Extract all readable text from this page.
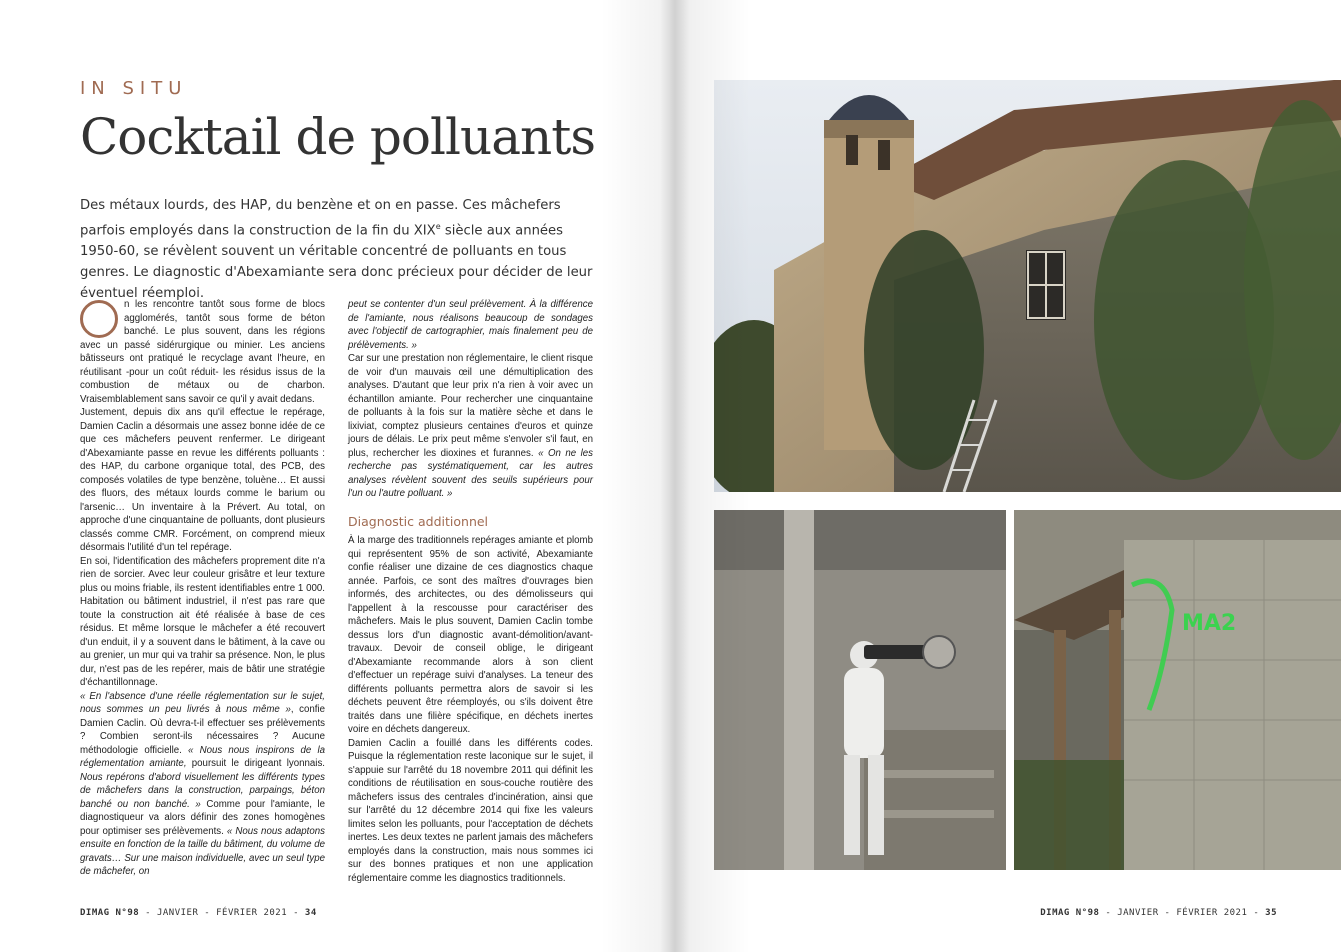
IN SITU
Cocktail de polluants
Des métaux lourds, des HAP, du benzène et on en passe. Ces mâchefers parfois employés dans la construction de la fin du XIXe siècle aux années 1950-60, se révèlent souvent un véritable concentré de polluants en tous genres. Le diagnostic d'Abexamiante sera donc précieux pour décider de leur éventuel réemploi.

n les rencontre tantôt sous forme de blocs agglomérés, tantôt sous forme de béton banché. Le plus souvent, dans les régions avec un passé sidérurgique ou minier. Les anciens bâtisseurs ont pratiqué le recyclage avant l'heure, en réutilisant -pour un coût réduit- les résidus issus de la combustion de métaux ou de charbon. Vraisemblablement sans savoir ce qu'il y avait dedans.

Justement, depuis dix ans qu'il effectue le repérage, Damien Caclin a désormais une assez bonne idée de ce que ces mâchefers peuvent renfermer. Le dirigeant d'Abexamiante passe en revue les différents polluants : des HAP, du carbone organique total, des PCB, des composés volatiles de type benzène, toluène… Et aussi des fluors, des métaux lourds comme le barium ou l'arsenic… Un inventaire à la Prévert. Au total, on approche d'une cinquantaine de polluants, dont plusieurs classés comme CMR. Forcément, on comprend mieux désormais l'utilité d'un tel repérage.

En soi, l'identification des mâchefers proprement dite n'a rien de sorcier. Avec leur couleur grisâtre et leur texture plus ou moins friable, ils restent identifiables entre 1 000. Habitation ou bâtiment industriel, il n'est pas rare que toute la construction ait été réalisée à base de ces résidus. Et même lorsque le mâchefer a été recouvert d'un enduit, il y a souvent dans le bâtiment, à la cave ou au grenier, un mur qui va trahir sa présence. Non, le plus dur, n'est pas de les repérer, mais de bâtir une stratégie d'échantillonnage.

« En l'absence d'une réelle réglementation sur le sujet, nous sommes un peu livrés à nous même », confie Damien Caclin. Où devra-t-il effectuer ses prélèvements ? Combien seront-ils nécessaires ? Aucune méthodologie officielle. « Nous nous inspirons de la réglementation amiante, poursuit le dirigeant lyonnais. Nous repérons d'abord visuellement les différents types de mâchefers dans la construction, parpaings, béton banché ou non banché. » Comme pour l'amiante, le diagnostiqueur va alors définir des zones homogènes pour optimiser ses prélèvements. « Nous nous adaptons ensuite en fonction de la taille du bâtiment, du volume de gravats… Sur une maison individuelle, avec un seul type de mâchefer, on

peut se contenter d'un seul prélèvement. À la différence de l'amiante, nous réalisons beaucoup de sondages avec l'objectif de cartographier, mais finalement peu de prélèvements. »

Car sur une prestation non réglementaire, le client risque de voir d'un mauvais œil une démultiplication des analyses. D'autant que leur prix n'a rien à voir avec un échantillon amiante. Pour rechercher une cinquantaine de polluants à la fois sur la matière sèche et dans le lixiviat, comptez plusieurs centaines d'euros et quinze jours de délais. Le prix peut même s'envoler s'il faut, en plus, rechercher les dioxines et furannes. « On ne les recherche pas systématiquement, car les autres analyses révèlent souvent des seuils supérieurs pour l'un ou l'autre polluant. »

Diagnostic additionnel

À la marge des traditionnels repérages amiante et plomb qui représentent 95% de son activité, Abexamiante confie réaliser une dizaine de ces diagnostics chaque année. Parfois, ce sont des maîtres d'ouvrages bien informés, des architectes, ou des démolisseurs qui l'appellent à la rescousse pour caractériser des mâchefers. Mais le plus souvent, Damien Caclin tombe dessus lors d'un diagnostic avant-démolition/avant-travaux. Devoir de conseil oblige, le dirigeant d'Abexamiante recommande alors à son client d'effectuer un repérage suivi d'analyses. La teneur des différents polluants permettra alors de savoir si les déchets peuvent être réemployés, ou s'ils doivent être traités dans une filière spécifique, en déchets inertes voire en déchets dangereux.

Damien Caclin a fouillé dans les différents codes. Puisque la réglementation reste laconique sur le sujet, il s'appuie sur l'arrêté du 18 novembre 2011 qui définit les conditions de réutilisation en sous-couche routière des mâchefers issus des centrales d'incinération, ainsi que sur l'arrêté du 12 décembre 2014 qui fixe les valeurs limites selon les polluants, pour l'acceptation de déchets inertes. Les deux textes ne parlent jamais des mâchefers employés dans la construction, mais nous sommes ici sur des bonnes pratiques et non une application réglementaire comme les diagnostics traditionnels.

DIMAG N°98 - JANVIER - FÉVRIER 2021 - 34
MA2
DIMAG N°98 - JANVIER - FÉVRIER 2021 - 35
